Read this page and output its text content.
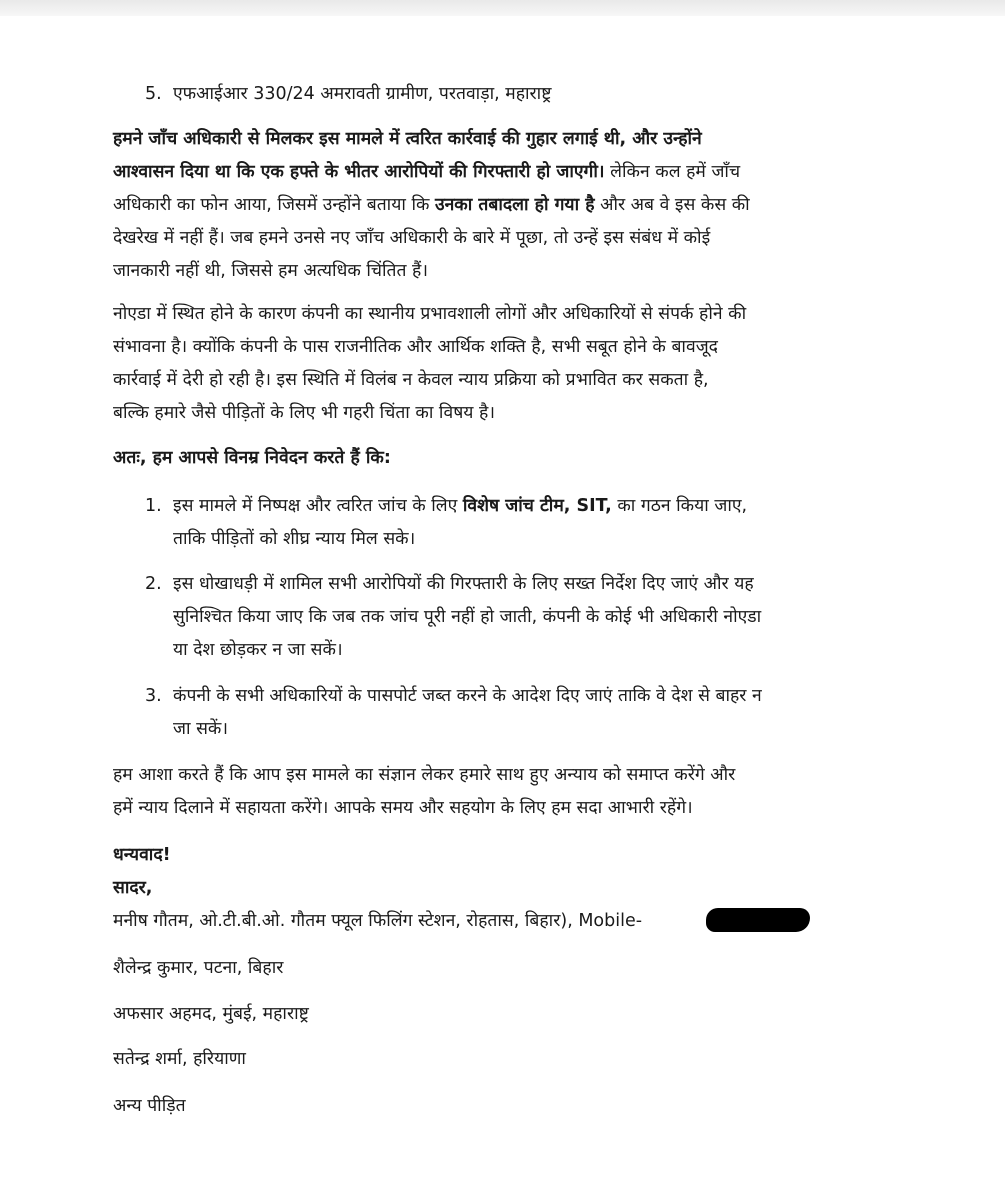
5. एफआईआर 330/24 अमरावती ग्रामीण, परतवाड़ा, महाराष्ट्र
हमने जाँच अधिकारी से मिलकर इस मामले में त्वरित कार्रवाई की गुहार लगाई थी, और उन्होंने
आश्वासन दिया था कि एक हफ्ते के भीतर आरोपियों की गिरफ्तारी हो जाएगी। लेकिन कल हमें जाँच
अधिकारी का फोन आया, जिसमें उन्होंने बताया कि उनका तबादला हो गया है और अब वे इस केस की
देखरेख में नहीं हैं। जब हमने उनसे नए जाँच अधिकारी के बारे में पूछा, तो उन्हें इस संबंध में कोई
जानकारी नहीं थी, जिससे हम अत्यधिक चिंतित हैं।
नोएडा में स्थित होने के कारण कंपनी का स्थानीय प्रभावशाली लोगों और अधिकारियों से संपर्क होने की
संभावना है। क्योंकि कंपनी के पास राजनीतिक और आर्थिक शक्ति है, सभी सबूत होने के बावजूद
कार्रवाई में देरी हो रही है। इस स्थिति में विलंब न केवल न्याय प्रक्रिया को प्रभावित कर सकता है,
बल्कि हमारे जैसे पीड़ितों के लिए भी गहरी चिंता का विषय है।
अतः, हम आपसे विनम्र निवेदन करते हैं कि:
1. इस मामले में निष्पक्ष और त्वरित जांच के लिए विशेष जांच टीम, SIT, का गठन किया जाए,
ताकि पीड़ितों को शीघ्र न्याय मिल सके।
2. इस धोखाधड़ी में शामिल सभी आरोपियों की गिरफ्तारी के लिए सख्त निर्देश दिए जाएं और यह
सुनिश्चित किया जाए कि जब तक जांच पूरी नहीं हो जाती, कंपनी के कोई भी अधिकारी नोएडा
या देश छोड़कर न जा सकें।
3. कंपनी के सभी अधिकारियों के पासपोर्ट जब्त करने के आदेश दिए जाएं ताकि वे देश से बाहर न
जा सकें।
हम आशा करते हैं कि आप इस मामले का संज्ञान लेकर हमारे साथ हुए अन्याय को समाप्त करेंगे और
हमें न्याय दिलाने में सहायता करेंगे। आपके समय और सहयोग के लिए हम सदा आभारी रहेंगे।
धन्यवाद!
सादर,
मनीष गौतम, ओ.टी.बी.ओ. गौतम फ्यूल फिलिंग स्टेशन, रोहतास, बिहार), Mobile-
शैलेन्द्र कुमार, पटना, बिहार
अफसार अहमद, मुंबई, महाराष्ट्र
सतेन्द्र शर्मा, हरियाणा
अन्य पीड़ित
